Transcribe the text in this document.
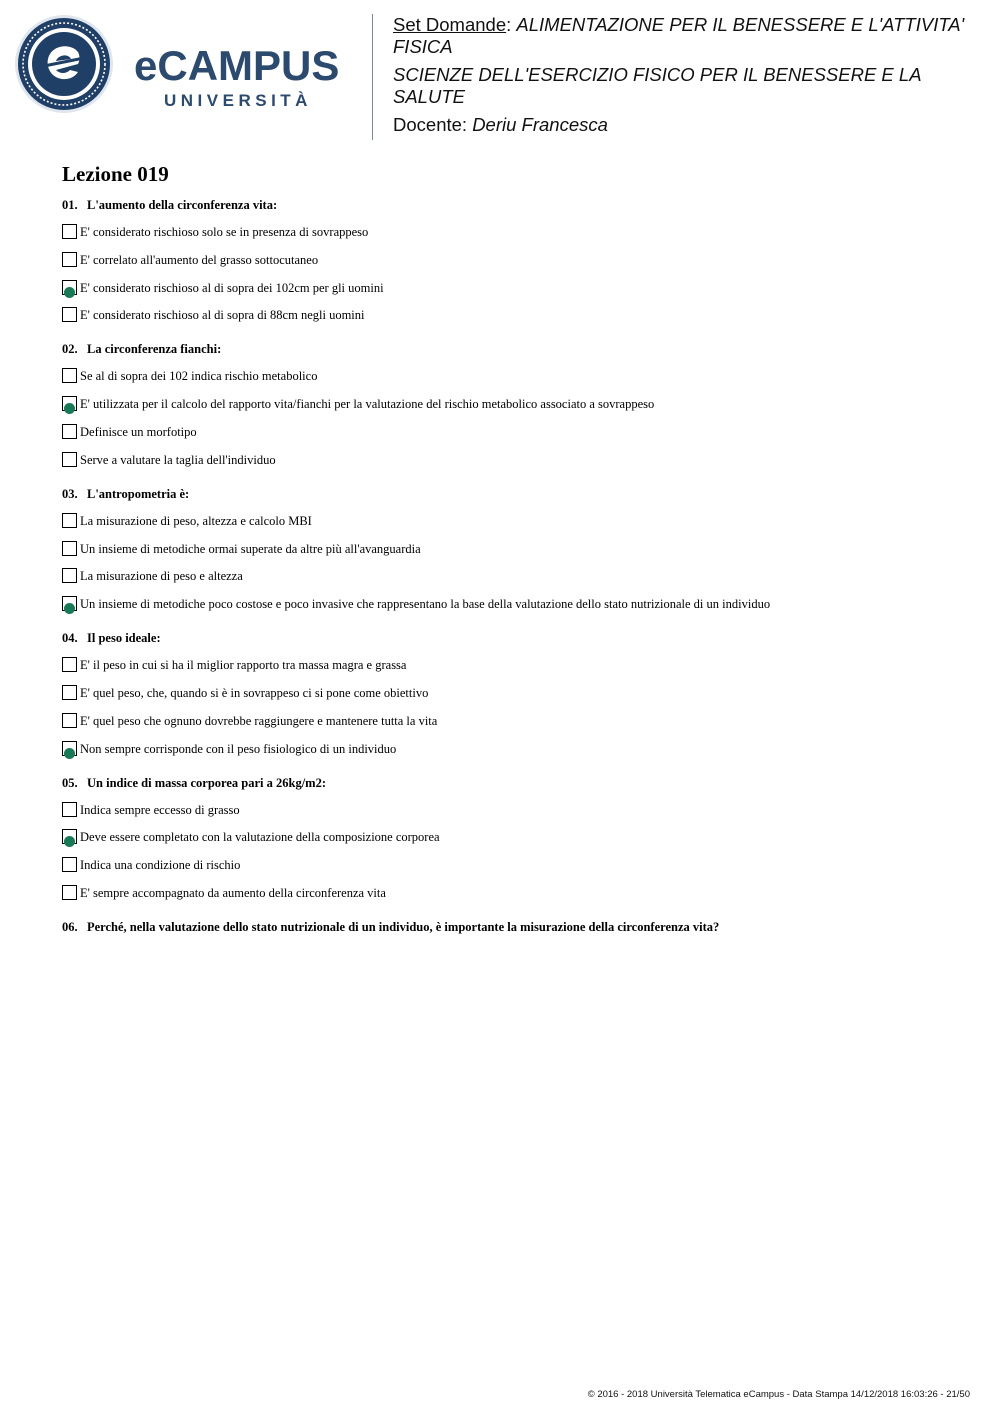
eCAMPUS
UNIVERSITÀ
Set Domande: ALIMENTAZIONE PER IL BENESSERE E L'ATTIVITA'
FISICA
SCIENZE DELL'ESERCIZIO FISICO PER IL BENESSERE E LA
SALUTE
Docente: Deriu Francesca
Lezione 019
01. L'aumento della circonferenza vita:
E' considerato rischioso solo se in presenza di sovrappeso
E' correlato all'aumento del grasso sottocutaneo
E' considerato rischioso al di sopra dei 102cm per gli uomini
E' considerato rischioso al di sopra di 88cm negli uomini
02. La circonferenza fianchi:
Se al di sopra dei 102 indica rischio metabolico
E' utilizzata per il calcolo del rapporto vita/fianchi per la valutazione del rischio metabolico associato a sovrappeso
Definisce un morfotipo
Serve a valutare la taglia dell'individuo
03. L'antropometria è:
La misurazione di peso, altezza e calcolo MBI
Un insieme di metodiche ormai superate da altre più all'avanguardia
La misurazione di peso e altezza
Un insieme di metodiche poco costose e poco invasive che rappresentano la base della valutazione dello stato nutrizionale di un individuo
04. Il peso ideale:
E' il peso in cui si ha il miglior rapporto tra massa magra e grassa
E' quel peso, che, quando si è in sovrappeso ci si pone come obiettivo
E' quel peso che ognuno dovrebbe raggiungere e mantenere tutta la vita
Non sempre corrisponde con il peso fisiologico di un individuo
05. Un indice di massa corporea pari a 26kg/m2:
Indica sempre eccesso di grasso
Deve essere completato con la valutazione della composizione corporea
Indica una condizione di rischio
E' sempre accompagnato da aumento della circonferenza vita
06. Perché, nella valutazione dello stato nutrizionale di un individuo, è importante la misurazione della circonferenza vita?
© 2016 - 2018 Università Telematica eCampus - Data Stampa 14/12/2018 16:03:26 - 21/50
